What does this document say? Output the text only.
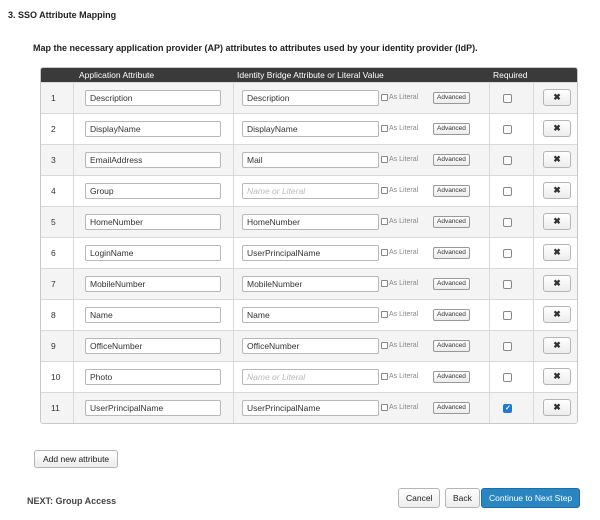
3. SSO Attribute Mapping
Map the necessary application provider (AP) attributes to attributes used by your identity provider (IdP).
Application Attribute	Identity Bridge Attribute or Literal Value	Required
1
Description
Description	As Literal	Advanced	✖
2
DisplayName
DisplayName	As Literal	Advanced	✖
3
EmailAddress
Mail	As Literal	Advanced	✖
4
Group
Name or Literal	As Literal	Advanced	✖
5
HomeNumber
HomeNumber	As Literal	Advanced	✖
6
LoginName
UserPrincipalName	As Literal	Advanced	✖
7
MobileNumber
MobileNumber	As Literal	Advanced	✖
8
Name
Name	As Literal	Advanced	✖
9
OfficeNumber
OfficeNumber	As Literal	Advanced	✖
10
Photo
Name or Literal	As Literal	Advanced	✖
11
UserPrincipalName
UserPrincipalName	As Literal	Advanced
✓	✖
Add new attribute
NEXT: Group Access	Cancel	Back	Continue to Next Step
